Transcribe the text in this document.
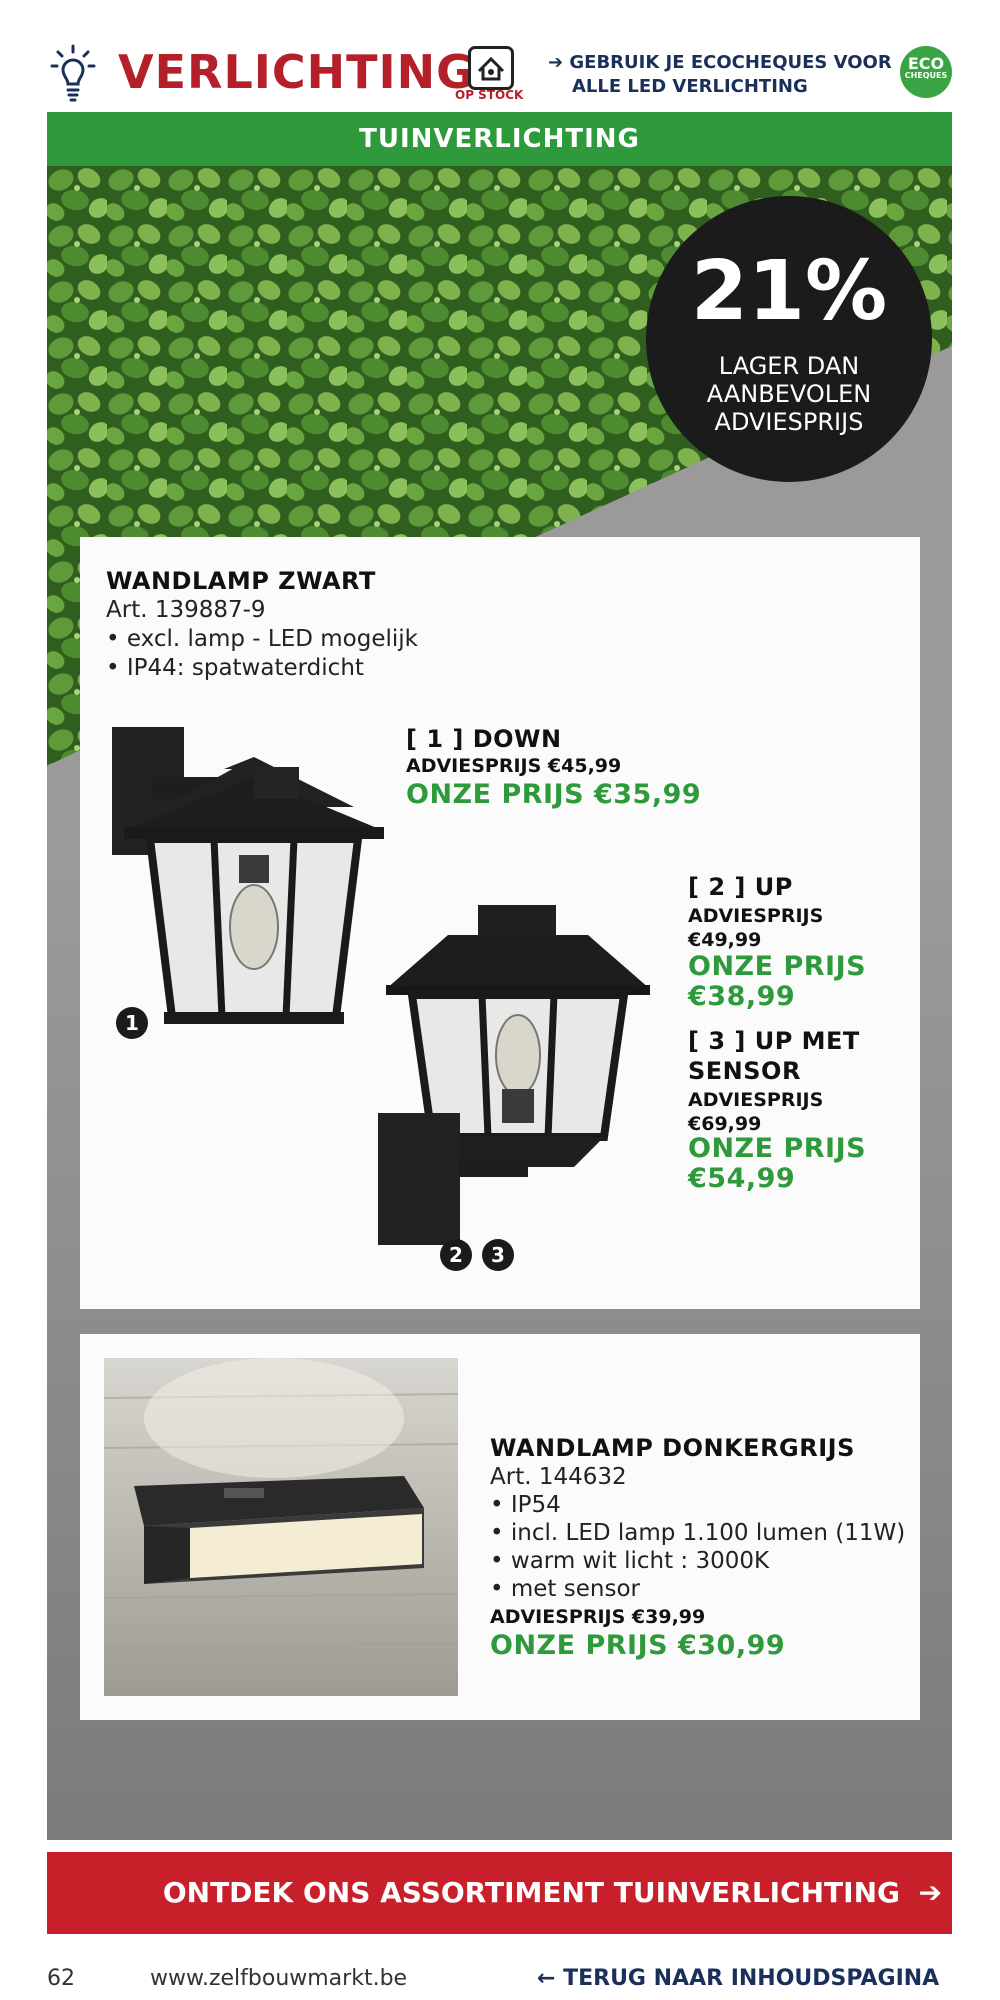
VERLICHTING
OP STOCK
➔ GEBRUIK JE ECOCHEQUES VOOR
ALLE LED VERLICHTING
ECO
CHEQUES
TUINVERLICHTING
21%
LAGER DAN
AANBEVOLEN
ADVIESPRIJS
WANDLAMP ZWART
Art. 139887-9
• excl. lamp - LED mogelijk
• IP44: spatwaterdicht
1
[ 1 ] DOWN
ADVIESPRIJS €45,99
ONZE PRIJS €35,99
2	3
[ 2 ] UP
ADVIESPRIJS
€49,99
ONZE PRIJS
€38,99
[ 3 ] UP MET
SENSOR
ADVIESPRIJS
€69,99
ONZE PRIJS
€54,99
WANDLAMP DONKERGRIJS
Art. 144632
• IP54
• incl. LED lamp 1.100 lumen (11W)
• warm wit licht : 3000K
• met sensor
ADVIESPRIJS €39,99
ONZE PRIJS €30,99
ONTDEK ONS ASSORTIMENT TUINVERLICHTING ➔
62	www.zelfbouwmarkt.be	← TERUG NAAR INHOUDSPAGINA
